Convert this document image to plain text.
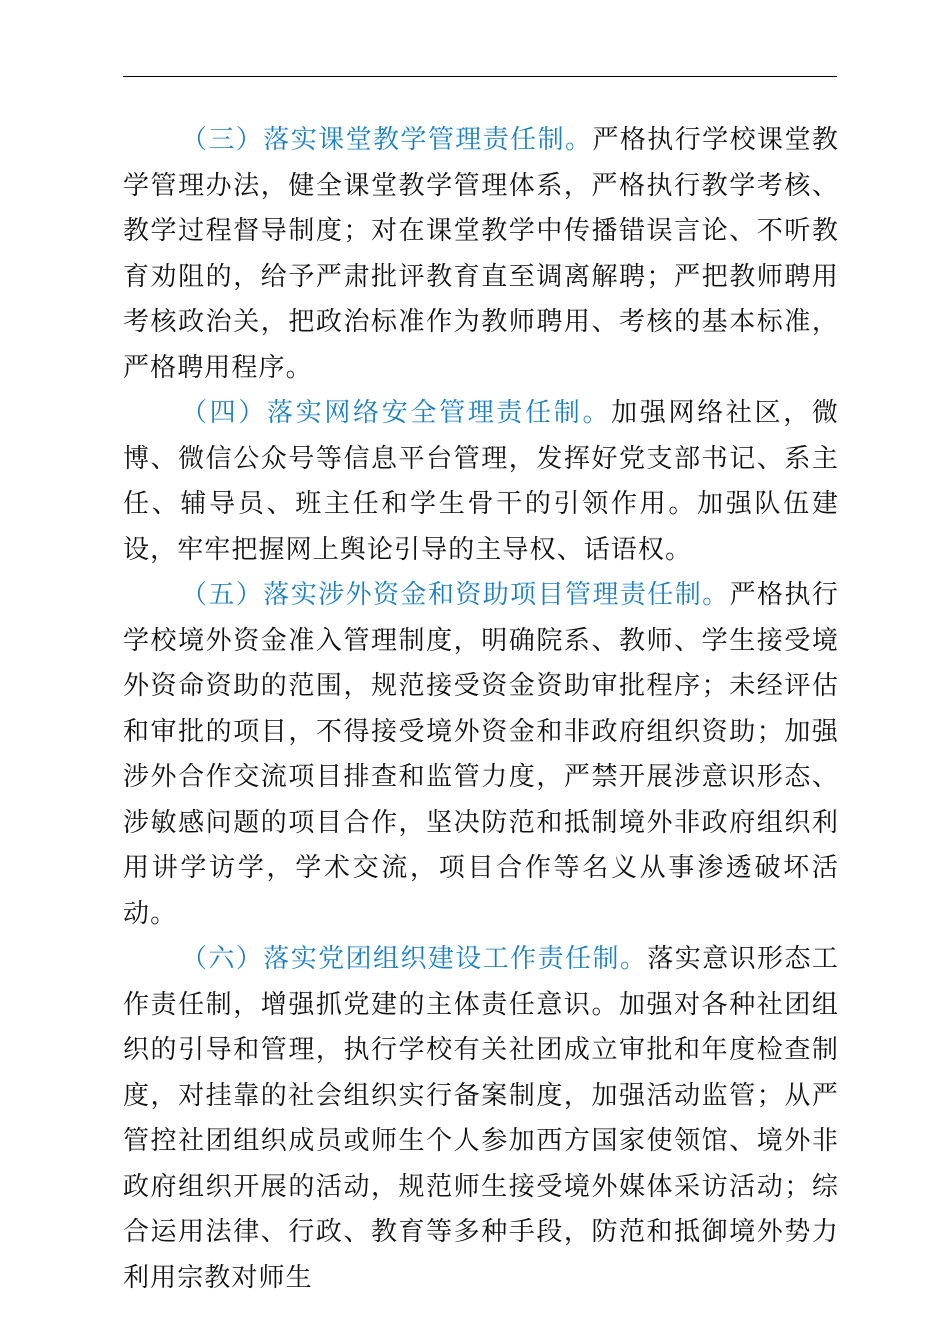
（三）落实课堂教学管理责任制。严格执行学校课堂教学管理办法，健全课堂教学管理体系，严格执行教学考核、教学过程督导制度；对在课堂教学中传播错误言论、不听教育劝阻的，给予严肃批评教育直至调离解聘；严把教师聘用考核政治关，把政治标准作为教师聘用、考核的基本标准，严格聘用程序。

（四）落实网络安全管理责任制。加强网络社区，微博、微信公众号等信息平台管理，发挥好党支部书记、系主任、辅导员、班主任和学生骨干的引领作用。加强队伍建设，牢牢把握网上舆论引导的主导权、话语权。

（五）落实涉外资金和资助项目管理责任制。严格执行学校境外资金准入管理制度，明确院系、教师、学生接受境外资命资助的范围，规范接受资金资助审批程序；未经评估和审批的项目，不得接受境外资金和非政府组织资助；加强涉外合作交流项目排查和监管力度，严禁开展涉意识形态、涉敏感问题的项目合作，坚决防范和抵制境外非政府组织利用讲学访学，学术交流，项目合作等名义从事渗透破坏活动。

（六）落实党团组织建设工作责任制。落实意识形态工作责任制，增强抓党建的主体责任意识。加强对各种社团组织的引导和管理，执行学校有关社团成立审批和年度检查制度，对挂靠的社会组织实行备案制度，加强活动监管；从严管控社团组织成员或师生个人参加西方国家使领馆、境外非政府组织开展的活动，规范师生接受境外媒体采访活动；综合运用法律、行政、教育等多种手段，防范和抵御境外势力利用宗教对师生
